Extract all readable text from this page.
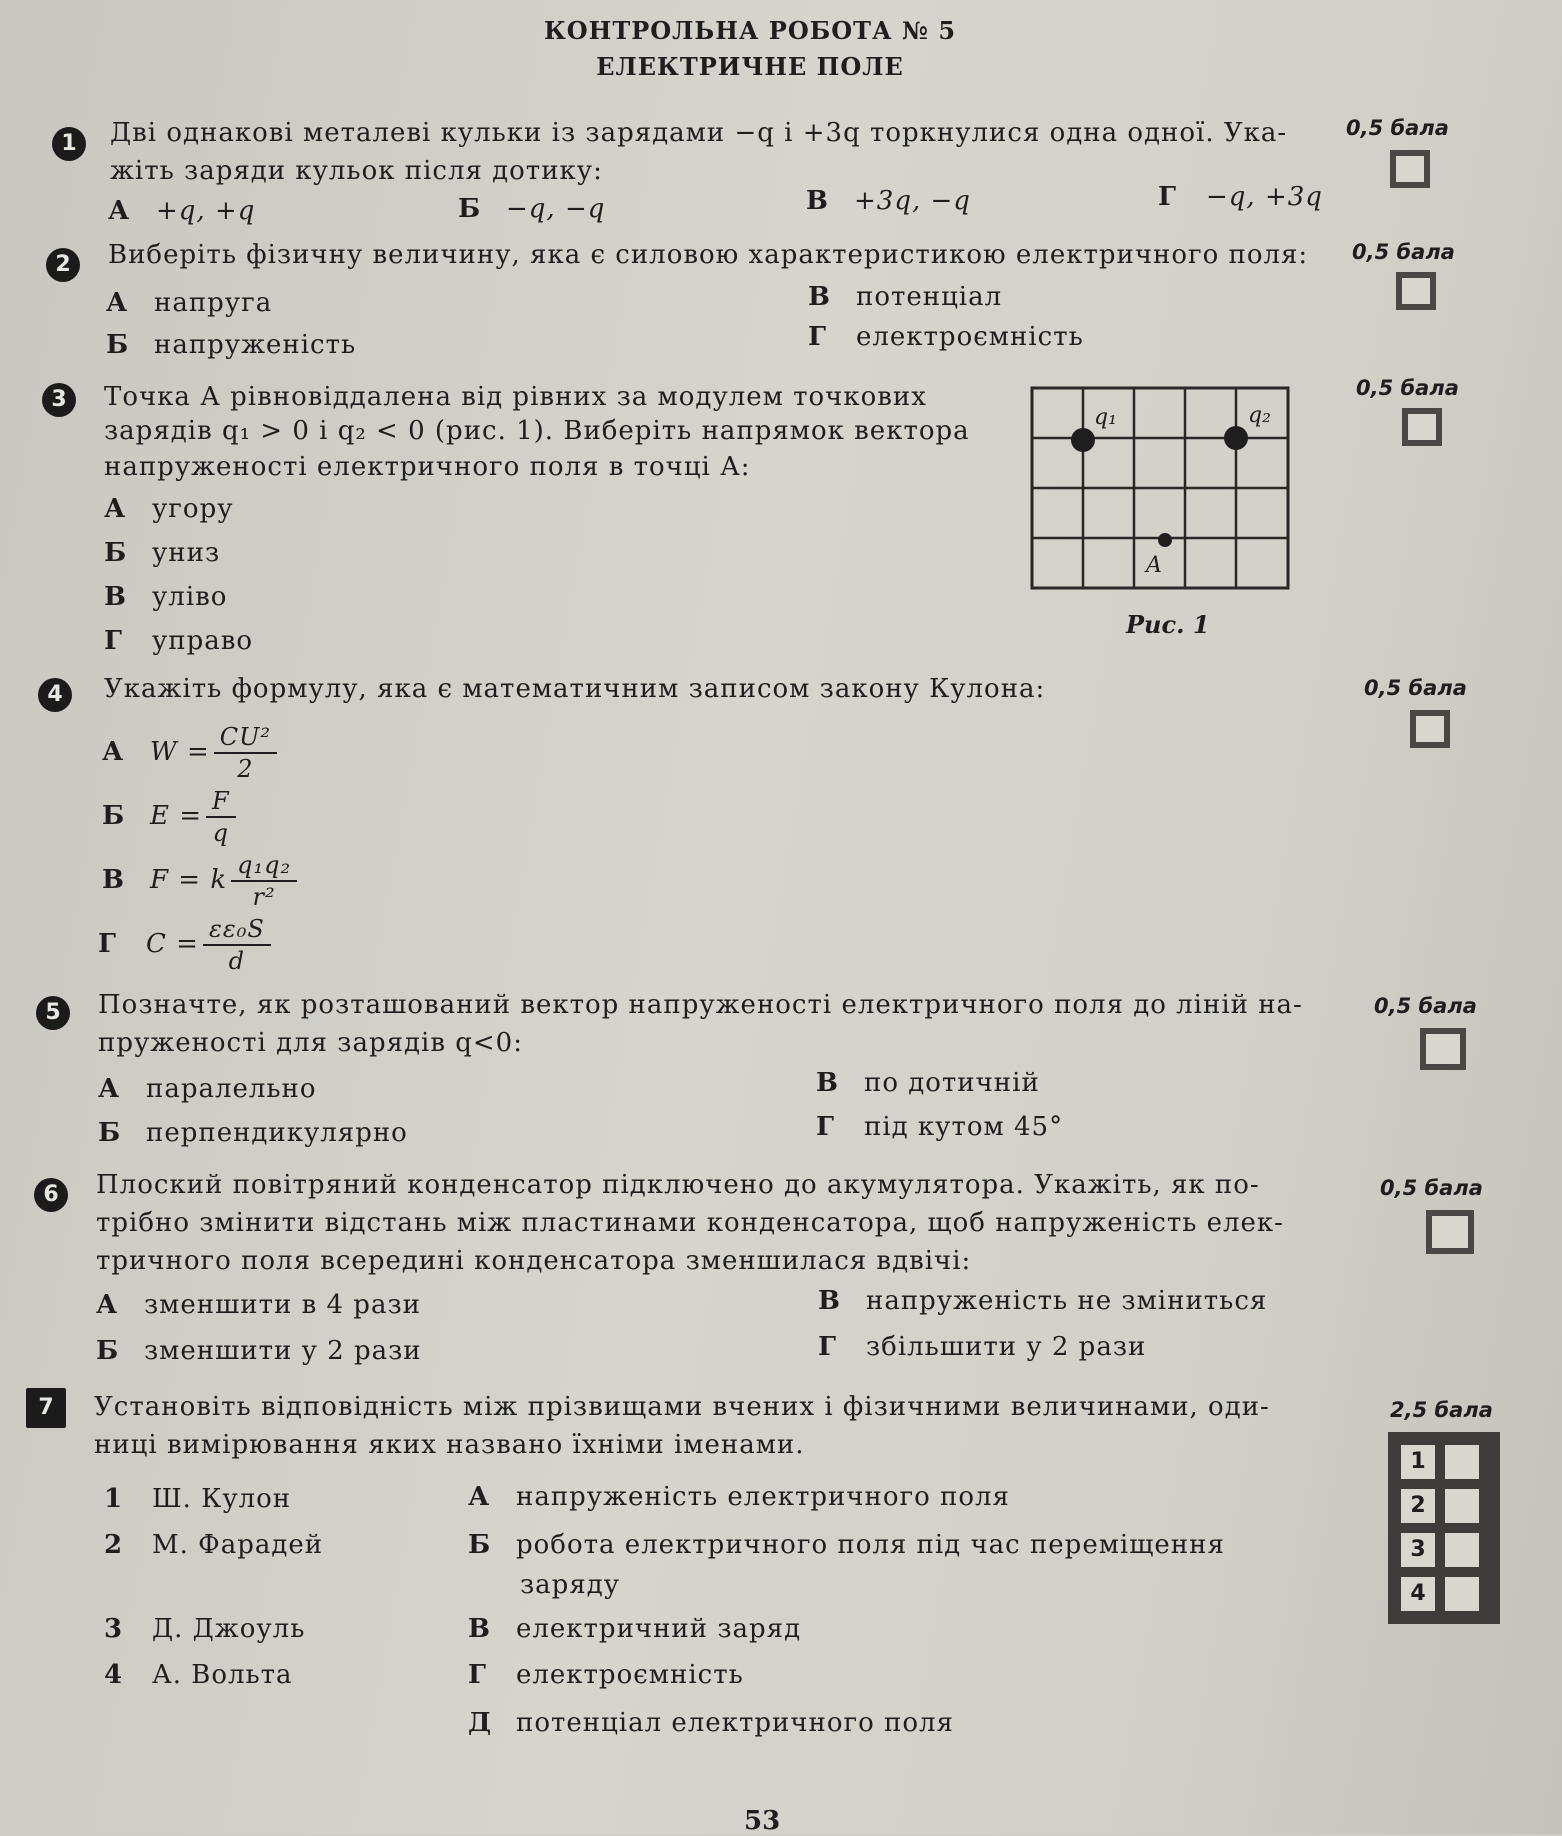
КОНТРОЛЬНА РОБОТА № 5
ЕЛЕКТРИЧНЕ ПОЛЕ
1	Дві однакові металеві кульки із зарядами −q і +3q торкнулися одна одної. Ука-
жіть заряди кульок після дотику:
А +q, +q	Б −q, −q	В +3q, −q	Г −q, +3q
0,5 бала
2	Виберіть фізичну величину, яка є силовою характеристикою електричного поля:
А напруга
Б напруженість
В потенціал
Г електроємність
0,5 бала
3	Точка А рівновіддалена від рівних за модулем точкових
зарядів q₁ > 0 і q₂ < 0 (рис. 1). Виберіть напрямок вектора
напруженості електричного поля в точці А:
А угору
Б униз
В уліво
Г управо
q₁	q₂
A
Рис. 1
0,5 бала
4	Укажіть формулу, яка є математичним записом закону Кулона:
А $W = \frac{\text{CU²}}{2}$
Б $E = \frac{F}{q}$
В F = k $\frac{\text{q₁q₂}}{\text{r²}}$
Г $C = \frac{\text{εε₀S}}{d}$
0,5 бала
5	Позначте, як розташований вектор напруженості електричного поля до ліній на-
пруженості для зарядів q<0:
А паралельно
Б перпендикулярно
В по дотичній
Г під кутом 45°
0,5 бала
6	Плоский повітряний конденсатор підключено до акумулятора. Укажіть, як по-
трібно змінити відстань між пластинами конденсатора, щоб напруженість елек-
тричного поля всередині конденсатора зменшилася вдвічі:
А зменшити в 4 рази
Б зменшити у 2 рази
В напруженість не зміниться
Г збільшити у 2 рази
0,5 бала
7	Установіть відповідність між прізвищами вчених і фізичними величинами, оди-
ниці вимірювання яких названо їхніми іменами.
1 Ш. Кулон
2 М. Фарадей
3 Д. Джоуль
4 А. Вольта
А напруженість електричного поля
Б робота електричного поля під час переміщення
заряду
В електричний заряд
Г електроємність
Д потенціал електричного поля
2,5 бала
1
2
3
4
53
